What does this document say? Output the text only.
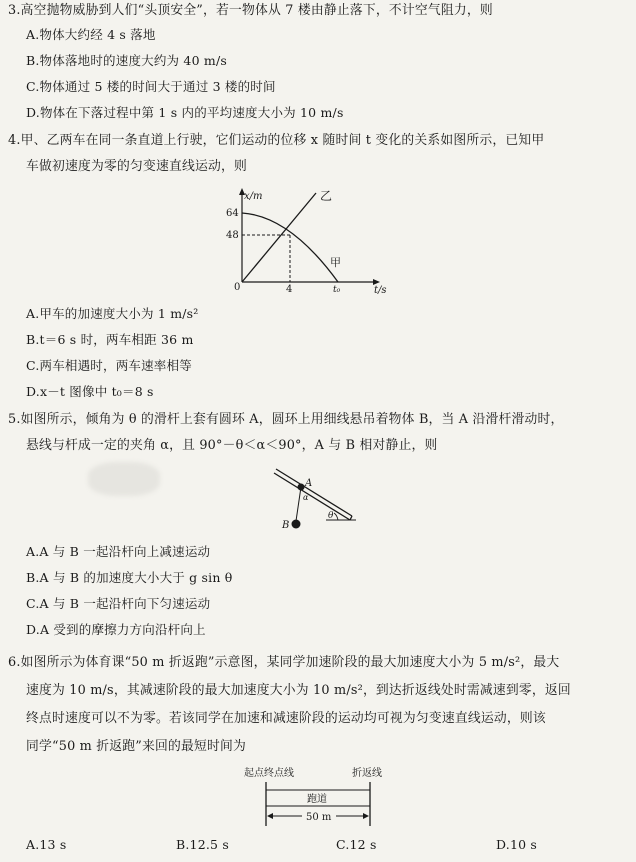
3.高空抛物威胁到人们“头顶安全”，若一物体从 7 楼由静止落下，不计空气阻力，则
A.物体大约经 4 s 落地
B.物体落地时的速度大约为 40 m/s
C.物体通过 5 楼的时间大于通过 3 楼的时间
D.物体在下落过程中第 1 s 内的平均速度大小为 10 m/s
4.甲、乙两车在同一条直道上行驶，它们运动的位移 x 随时间 t 变化的关系如图所示，已知甲
车做初速度为零的匀变速直线运动，则
x/m
t/s
0
64
48
4	t₀
乙
甲
A.甲车的加速度大小为 1 m/s²
B.t＝6 s 时，两车相距 36 m
C.两车相遇时，两车速率相等
D.x－t 图像中 t₀＝8 s
5.如图所示，倾角为 θ 的滑杆上套有圆环 A，圆环上用细线悬吊着物体 B，当 A 沿滑杆滑动时，
悬线与杆成一定的夹角 α，且 90°－θ＜α＜90°，A 与 B 相对静止，则
A
B
α
θ
A.A 与 B 一起沿杆向上减速运动
B.A 与 B 的加速度大小大于 g sin θ
C.A 与 B 一起沿杆向下匀速运动
D.A 受到的摩擦力方向沿杆向上
6.如图所示为体育课“50 m 折返跑”示意图，某同学加速阶段的最大加速度大小为 5 m/s²，最大
速度为 10 m/s，其减速阶段的最大加速度大小为 10 m/s²，到达折返线处时需减速到零，返回
终点时速度可以不为零。若该同学在加速和减速阶段的运动均可视为匀变速直线运动，则该
同学“50 m 折返跑”来回的最短时间为
起点终点线	折返线
跑道
50 m
A.13 s	B.12.5 s	C.12 s	D.10 s
